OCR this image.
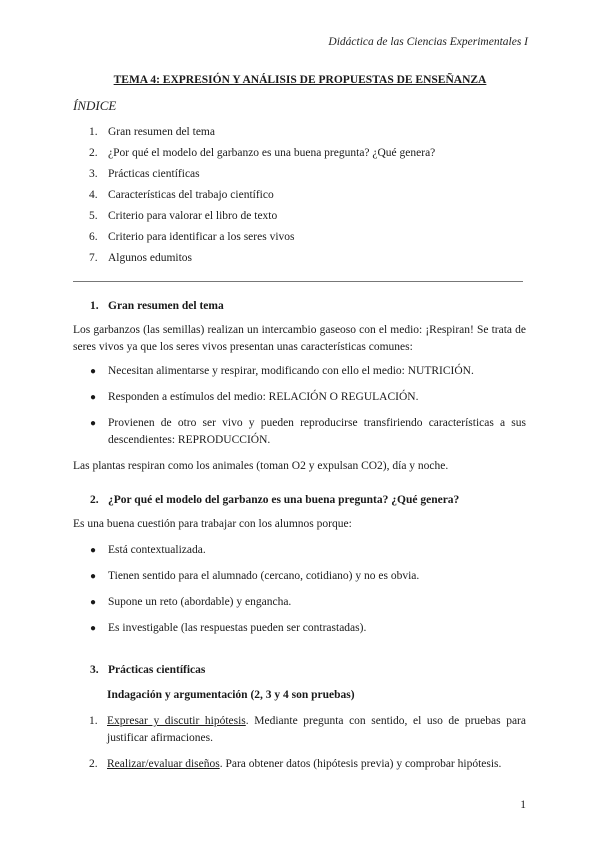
Didáctica de las Ciencias Experimentales I
TEMA 4: EXPRESIÓN Y ANÁLISIS DE PROPUESTAS DE ENSEÑANZA
ÍNDICE
1. Gran resumen del tema
2. ¿Por qué el modelo del garbanzo es una buena pregunta? ¿Qué genera?
3. Prácticas científicas
4. Características del trabajo científico
5. Criterio para valorar el libro de texto
6. Criterio para identificar a los seres vivos
7. Algunos edumitos
1. Gran resumen del tema
Los garbanzos (las semillas) realizan un intercambio gaseoso con el medio: ¡Respiran! Se trata de seres vivos ya que los seres vivos presentan unas características comunes:
●	Necesitan alimentarse y respirar, modificando con ello el medio: NUTRICIÓN.
●	Responden a estímulos del medio: RELACIÓN O REGULACIÓN.
●	Provienen de otro ser vivo y pueden reproducirse transfiriendo características a sus descendientes: REPRODUCCIÓN.
Las plantas respiran como los animales (toman O2 y expulsan CO2), día y noche.
2. ¿Por qué el modelo del garbanzo es una buena pregunta? ¿Qué genera?
Es una buena cuestión para trabajar con los alumnos porque:
●	Está contextualizada.
●	Tienen sentido para el alumnado (cercano, cotidiano) y no es obvia.
●	Supone un reto (abordable) y engancha.
●	Es investigable (las respuestas pueden ser contrastadas).
3. Prácticas científicas
Indagación y argumentación (2, 3 y 4 son pruebas)
1. Expresar y discutir hipótesis. Mediante pregunta con sentido, el uso de pruebas para justificar afirmaciones.
2. Realizar/evaluar diseños. Para obtener datos (hipótesis previa) y comprobar hipótesis.
1
